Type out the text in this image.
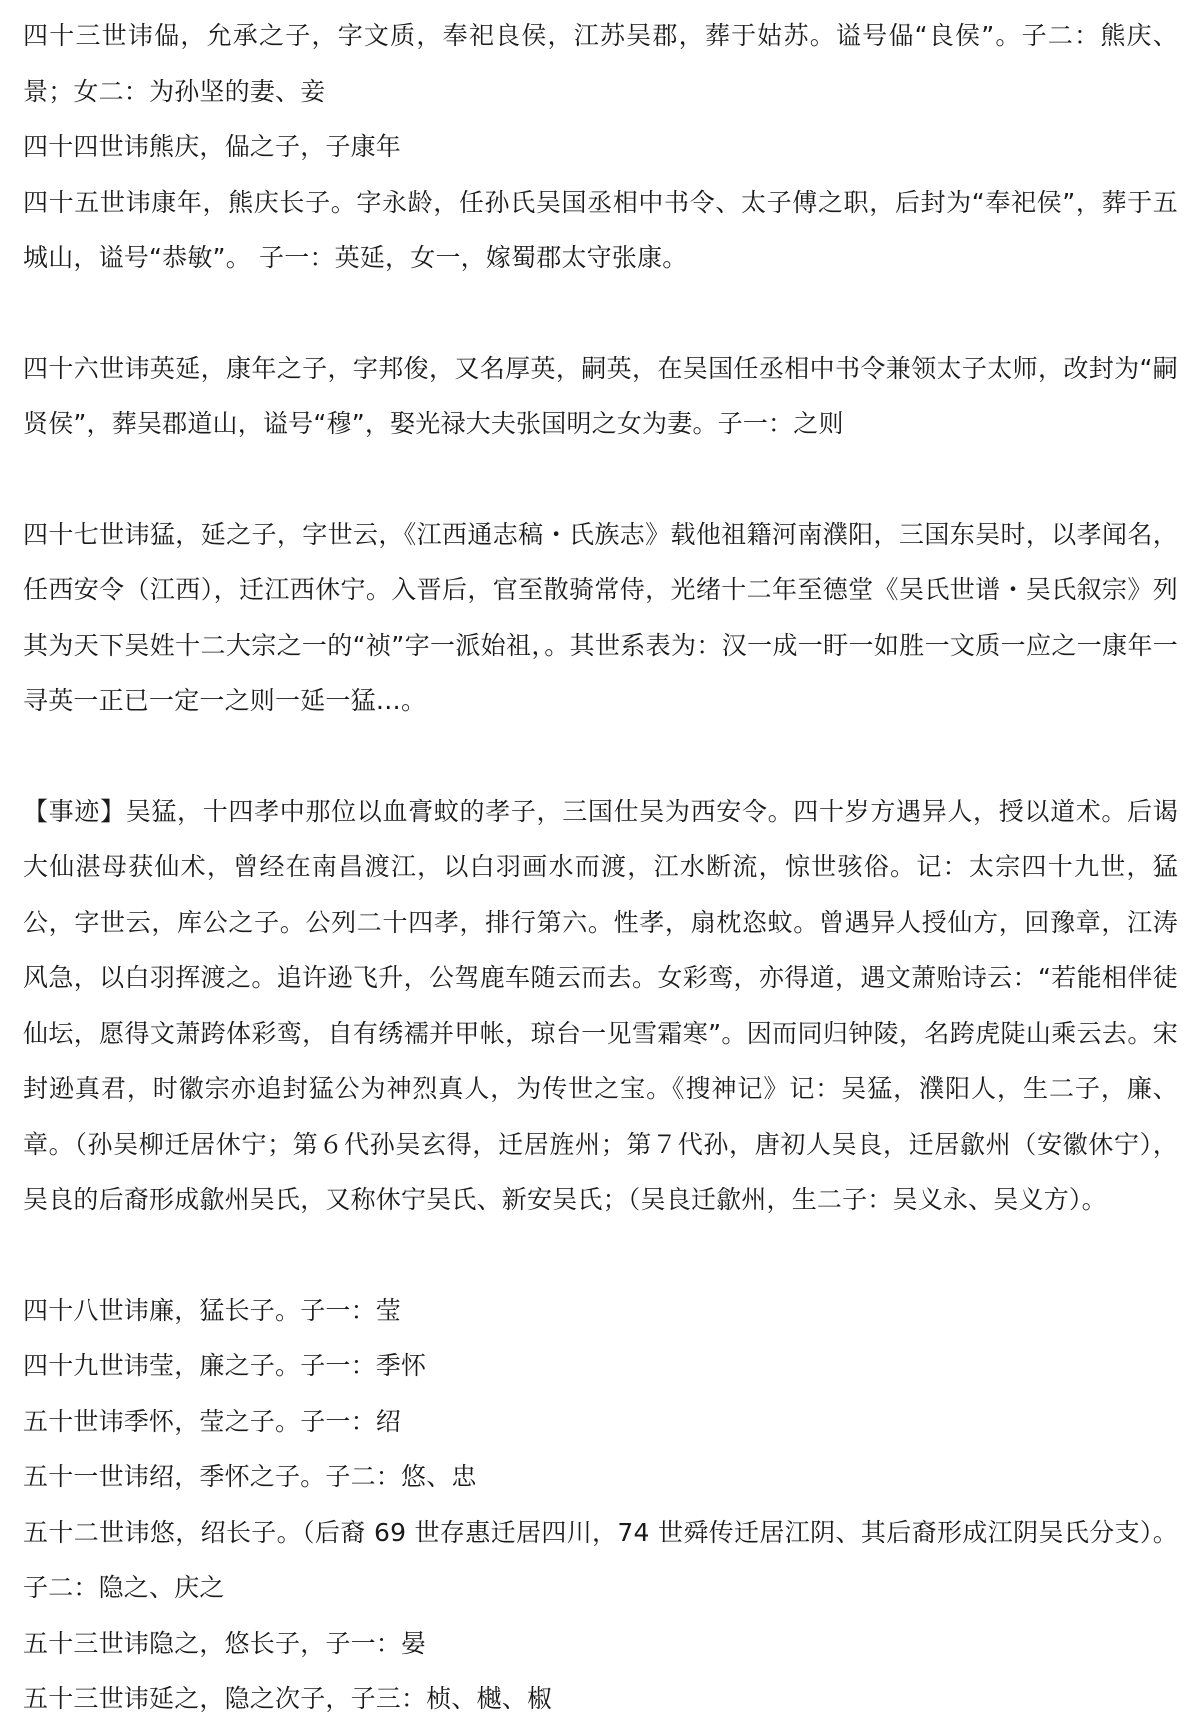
四十三世讳偘，允承之子，字文质，奉祀良侯，江苏吴郡，葬于姑苏。谥号偘“良侯”。子二：熊庆、景；女二：为孙坚的妻、妾

四十四世讳熊庆，偘之子，子康年

四十五世讳康年，熊庆长子。字永龄，任孙氏吴国丞相中书令、太子傅之职，后封为“奉祀侯”，葬于五城山，谥号“恭敏”。 子一：英延，女一，嫁蜀郡太守张康。

四十六世讳英延，康年之子，字邦俊，又名厚英，嗣英，在吴国任丞相中书令兼领太子太师，改封为“嗣贤侯”，葬吴郡道山，谥号“穆”，娶光禄大夫张国明之女为妻。子一：之则

四十七世讳猛，延之子，字世云，《江西通志稿・氏族志》载他祖籍河南濮阳，三国东吴时，以孝闻名，任西安令（江西），迁江西休宁。入晋后，官至散骑常侍，光绪十二年至德堂《吴氏世谱・吴氏叙宗》列其为天下吴姓十二大宗之一的“祯”字一派始祖，。其世系表为：汉一成一盱一如胜一文质一应之一康年一寻英一正已一定一之则一延一猛…。

【事迹】吴猛，十四孝中那位以血膏蚊的孝子，三国仕吴为西安令。四十岁方遇异人，授以道术。后谒大仙湛母获仙术，曾经在南昌渡江，以白羽画水而渡，江水断流，惊世骇俗。记：太宗四十九世，猛公，字世云，库公之子。公列二十四孝，排行第六。性孝，扇枕恣蚊。曾遇异人授仙方，回豫章，江涛风急，以白羽挥渡之。追许逊飞升，公驾鹿车随云而去。女彩鸾，亦得道，遇文萧贻诗云：“若能相伴徒仙坛，愿得文萧跨体彩鸾，自有绣襦并甲帐，琼台一见雪霜寒”。因而同归钟陵，名跨虎陡山乘云去。宋封逊真君，时徽宗亦追封猛公为神烈真人，为传世之宝。《搜神记》记：吴猛，濮阳人，生二子，廉、章。（孙吴柳迁居休宁；第６代孙吴玄得，迁居旌州；第７代孙，唐初人吴良，迁居歙州（安徽休宁），吴良的后裔形成歙州吴氏，又称休宁吴氏、新安吴氏；（吴良迁歙州，生二子：吴义永、吴义方）。

四十八世讳廉，猛长子。子一：莹

四十九世讳莹，廉之子。子一：季怀

五十世讳季怀，莹之子。子一：绍

五十一世讳绍，季怀之子。子二：悠、忠

五十二世讳悠，绍长子。（后裔 69 世存惠迁居四川，74 世舜传迁居江阴、其后裔形成江阴吴氏分支）。子二：隐之、庆之

五十三世讳隐之，悠长子，子一：晏

五十三世讳延之，隐之次子，子三：桢、樾、椒
